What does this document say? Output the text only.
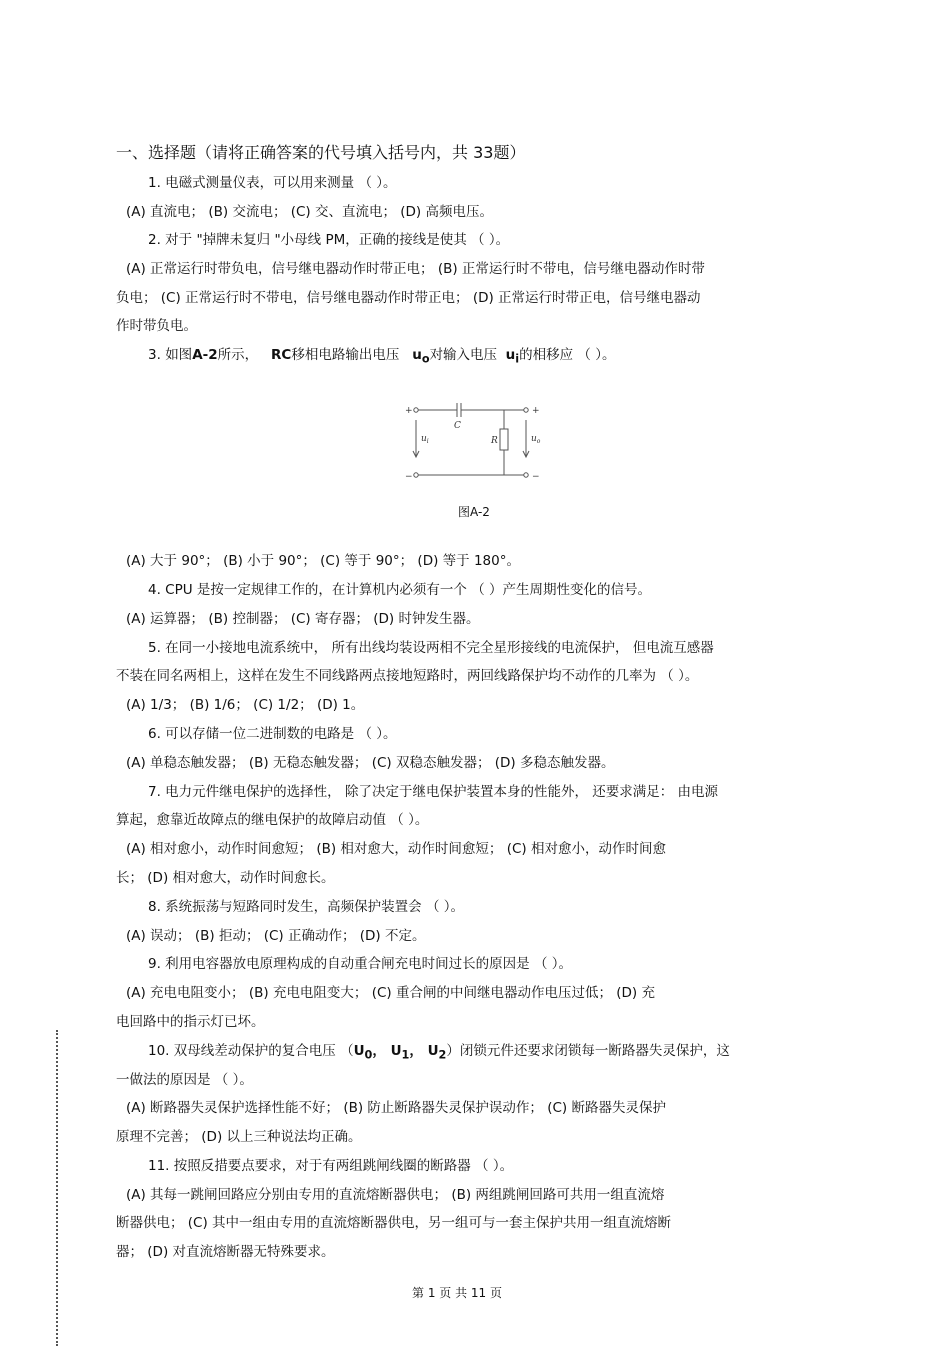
一、选择题（请将正确答案的代号填入括号内，共 33题）
1. 电磁式测量仪表，可以用来测量 （ ）。
(A) 直流电； (B) 交流电； (C) 交、直流电； (D) 高频电压。
2. 对于 "掉牌未复归 "小母线 PM，正确的接线是使其 （ ）。
(A) 正常运行时带负电，信号继电器动作时带正电； (B) 正常运行时不带电，信号继电器动作时带
负电； (C) 正常运行时不带电，信号继电器动作时带正电； (D) 正常运行时带正电，信号继电器动
作时带负电。
3. 如图A-2所示， RC移相电路输出电压 $u_o$对输入电压 $u_i$的相移应 （ ）。
+
−
+
−
C
R
$u_i$	$u_o$
图A-2
(A) 大于 90°； (B) 小于 90°； (C) 等于 90°； (D) 等于 180°。
4. CPU 是按一定规律工作的，在计算机内必须有一个 （ ）产生周期性变化的信号。
(A) 运算器； (B) 控制器； (C) 寄存器； (D) 时钟发生器。
5. 在同一小接地电流系统中， 所有出线均装设两相不完全星形接线的电流保护， 但电流互感器
不装在同名两相上，这样在发生不同线路两点接地短路时，两回线路保护均不动作的几率为 （ ）。
(A) 1/3； (B) 1/6； (C) 1/2； (D) 1。
6. 可以存储一位二进制数的电路是 （ ）。
(A) 单稳态触发器； (B) 无稳态触发器； (C) 双稳态触发器； (D) 多稳态触发器。
7. 电力元件继电保护的选择性， 除了决定于继电保护装置本身的性能外， 还要求满足： 由电源
算起，愈靠近故障点的继电保护的故障启动值 （ ）。
(A) 相对愈小，动作时间愈短； (B) 相对愈大，动作时间愈短； (C) 相对愈小，动作时间愈
长； (D) 相对愈大，动作时间愈长。
8. 系统振荡与短路同时发生，高频保护装置会 （ ）。
(A) 误动； (B) 拒动； (C) 正确动作； (D) 不定。
9. 利用电容器放电原理构成的自动重合闸充电时间过长的原因是 （ ）。
(A) 充电电阻变小； (B) 充电电阻变大； (C) 重合闸的中间继电器动作电压过低； (D) 充
电回路中的指示灯已坏。
10. 双母线差动保护的复合电压 （$U_0$， $U_1$， $U_2$）闭锁元件还要求闭锁每一断路器失灵保护，这
一做法的原因是 （ ）。
(A) 断路器失灵保护选择性能不好； (B) 防止断路器失灵保护误动作； (C) 断路器失灵保护
原理不完善； (D) 以上三种说法均正确。
11. 按照反措要点要求，对于有两组跳闸线圈的断路器 （ ）。
(A) 其每一跳闸回路应分别由专用的直流熔断器供电； (B) 两组跳闸回路可共用一组直流熔
断器供电； (C) 其中一组由专用的直流熔断器供电，另一组可与一套主保护共用一组直流熔断
器； (D) 对直流熔断器无特殊要求。
第 1 页 共 11 页
